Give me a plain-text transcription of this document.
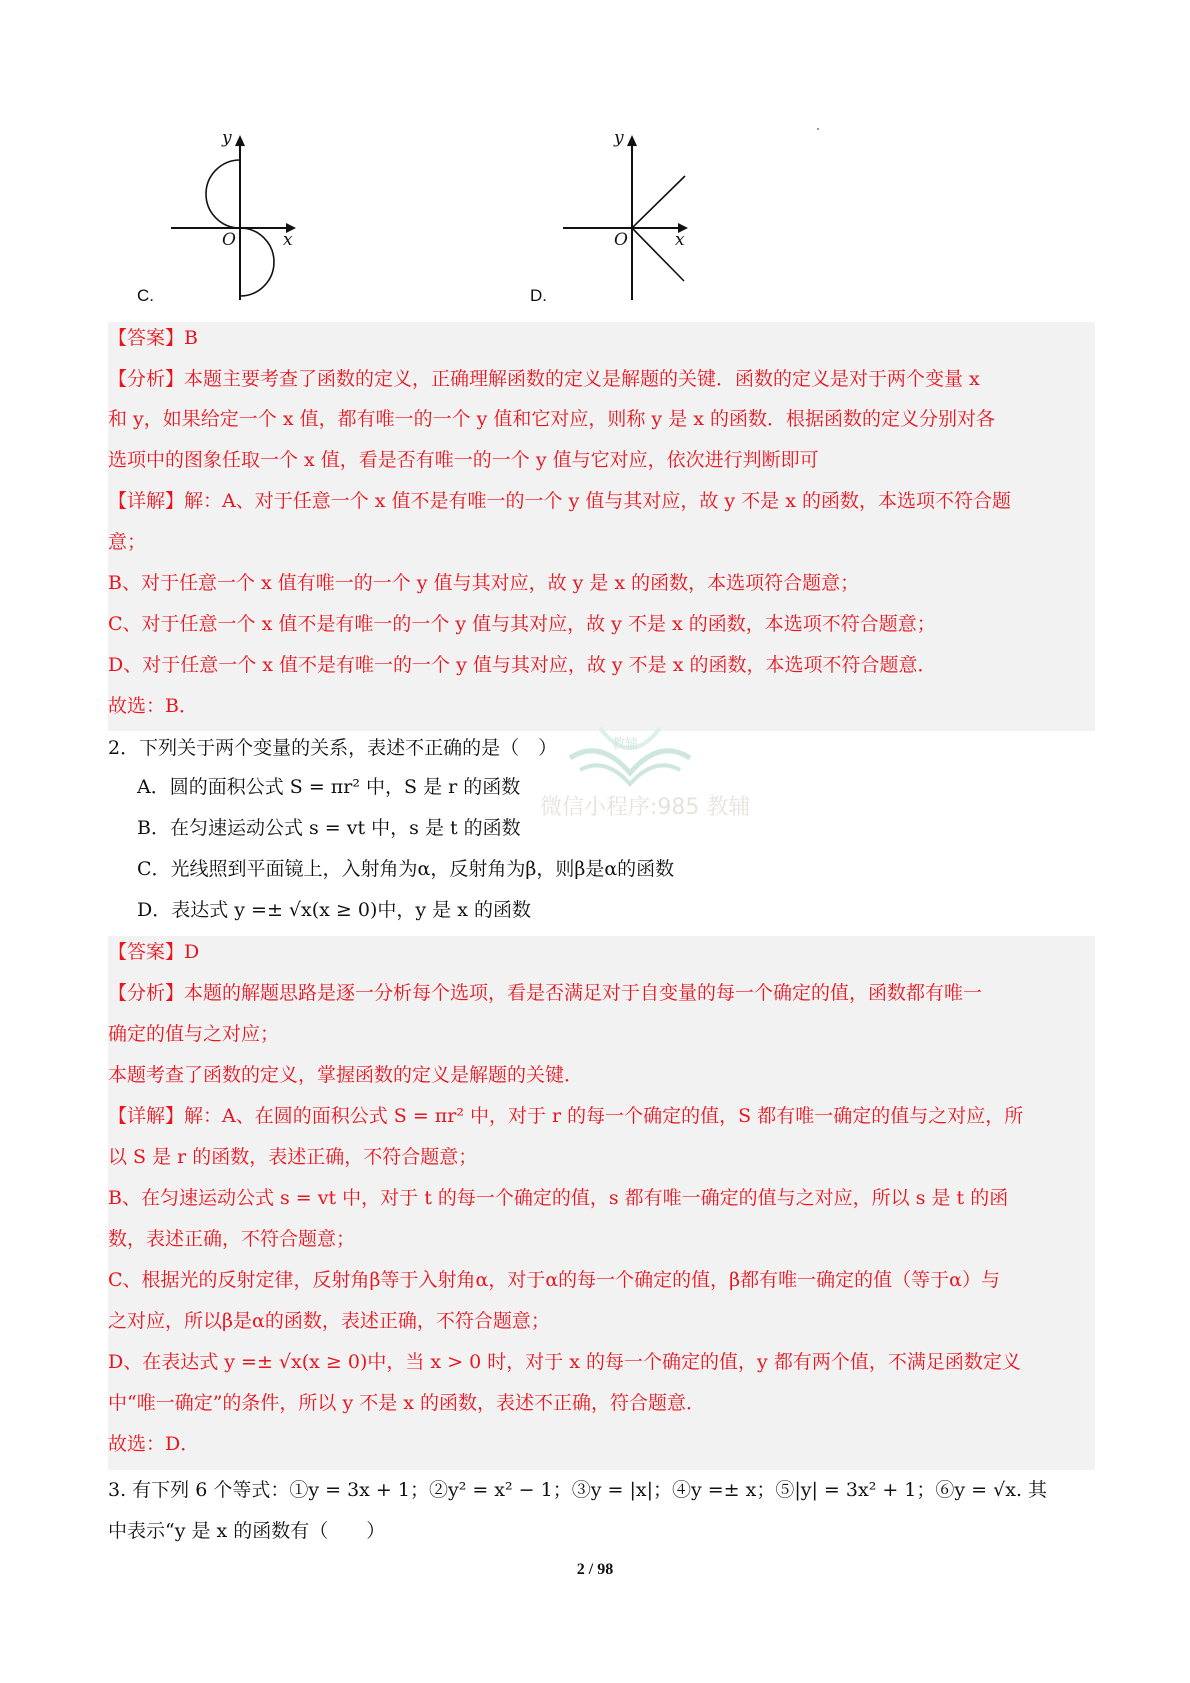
y
O	x
C.
y
O	x
D.
【答案】B
【分析】本题主要考查了函数的定义，正确理解函数的定义是解题的关键．函数的定义是对于两个变量 x
和 y，如果给定一个 x 值，都有唯一的一个 y 值和它对应，则称 y 是 x 的函数．根据函数的定义分别对各
选项中的图象任取一个 x 值，看是否有唯一的一个 y 值与它对应，依次进行判断即可
【详解】解：A、对于任意一个 x 值不是有唯一的一个 y 值与其对应，故 y 不是 x 的函数，本选项不符合题
意；
B、对于任意一个 x 值有唯一的一个 y 值与其对应，故 y 是 x 的函数，本选项符合题意；
C、对于任意一个 x 值不是有唯一的一个 y 值与其对应，故 y 不是 x 的函数，本选项不符合题意；
D、对于任意一个 x 值不是有唯一的一个 y 值与其对应，故 y 不是 x 的函数，本选项不符合题意．
故选：B．
教辅
微信小程序:985 教辅
2．下列关于两个变量的关系，表述不正确的是（　）
A．圆的面积公式 S = πr² 中，S 是 r 的函数
B．在匀速运动公式 s = vt 中，s 是 t 的函数
C．光线照到平面镜上，入射角为α，反射角为β，则β是α的函数
D．表达式 y =± √x(x ≥ 0)中，y 是 x 的函数
【答案】D
【分析】本题的解题思路是逐一分析每个选项，看是否满足对于自变量的每一个确定的值，函数都有唯一
确定的值与之对应；
本题考查了函数的定义，掌握函数的定义是解题的关键．
【详解】解：A、在圆的面积公式 S = πr² 中，对于 r 的每一个确定的值，S 都有唯一确定的值与之对应，所
以 S 是 r 的函数，表述正确，不符合题意；
B、在匀速运动公式 s = vt 中，对于 t 的每一个确定的值，s 都有唯一确定的值与之对应，所以 s 是 t 的函
数，表述正确，不符合题意；
C、根据光的反射定律，反射角β等于入射角α，对于α的每一个确定的值，β都有唯一确定的值（等于α）与
之对应，所以β是α的函数，表述正确，不符合题意；
D、在表达式 y =± √x(x ≥ 0)中，当 x > 0 时，对于 x 的每一个确定的值，y 都有两个值，不满足函数定义
中“唯一确定”的条件，所以 y 不是 x 的函数，表述不正确，符合题意．
故选：D．
3. 有下列 6 个等式：①y = 3x + 1；②y² = x² − 1；③y = |x|；④y =± x；⑤|y| = 3x² + 1；⑥y = √x. 其
中表示“y 是 x 的函数有（　　）
2 / 98
